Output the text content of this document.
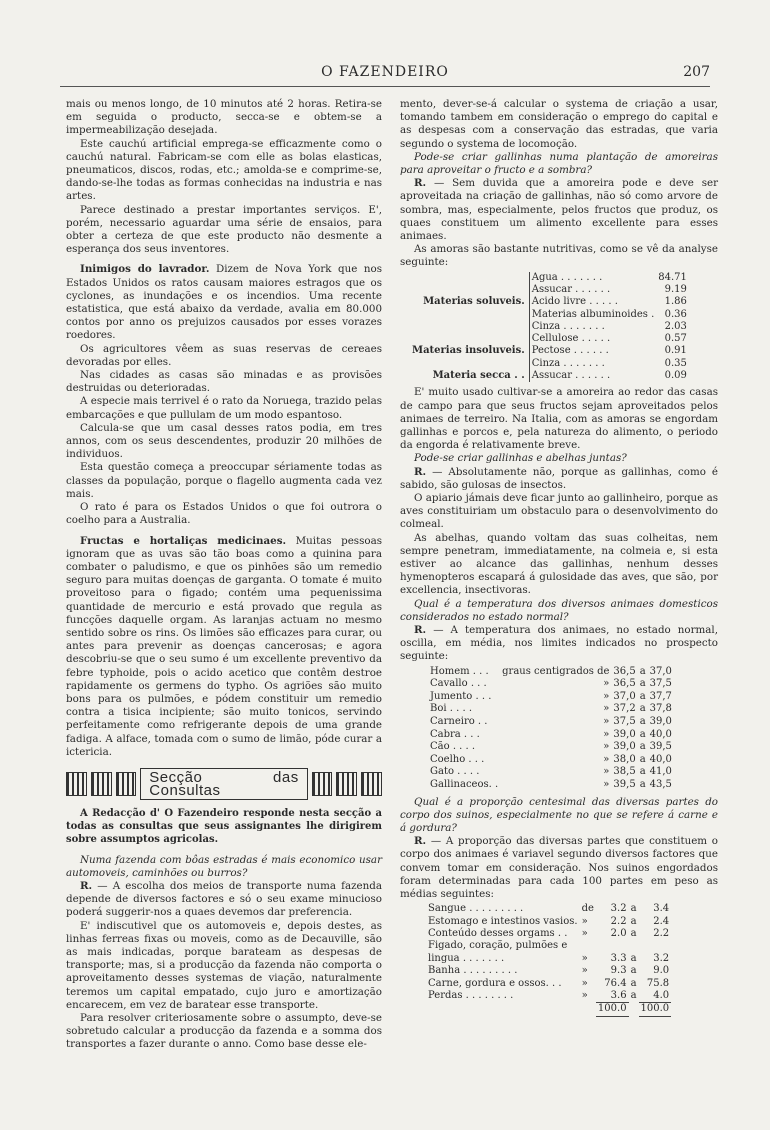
O FAZENDEIRO	207

mais ou menos longo, de 10 minutos até 2 horas. Retira-se em seguida o producto, secca-se e obtem-se a impermeabilização desejada.

Este cauchú artificial emprega-se efficazmente como o cauchú natural. Fabricam-se com elle as bolas elasticas, pneumaticos, discos, rodas, etc.; amolda-se e comprime-se, dando-se-lhe todas as formas conhecidas na industria e nas artes.

Parece destinado a prestar importantes serviços. E', porém, necessario aguardar uma série de ensaios, para obter a certeza de que este producto não desmente a esperança dos seus inventores.

Inimigos do lavrador. Dizem de Nova York que nos Estados Unidos os ratos causam maiores estragos que os cyclones, as inundações e os incendios. Uma recente estatistica, que está abaixo da verdade, avalia em 80.000 contos por anno os prejuizos causados por esses vorazes roedores.

Os agricultores vêem as suas reservas de cereaes devoradas por elles.

Nas cidades as casas são minadas e as provisões destruidas ou deterioradas.

A especie mais terrivel é o rato da Noruega, trazido pelas embarcações e que pullulam de um modo espantoso.

Calcula-se que um casal desses ratos podia, em tres annos, com os seus descendentes, produzir 20 milhões de individuos.

Esta questão começa a preoccupar sériamente todas as classes da população, porque o flagello augmenta cada vez mais.

O rato é para os Estados Unidos o que foi outrora o coelho para a Australia.

Fructas e hortaliças medicinaes. Muitas pessoas ignoram que as uvas são tão boas como a quinina para combater o paludismo, e que os pinhões são um remedio seguro para muitas doenças de garganta. O tomate é muito proveitoso para o figado; contém uma pequenissima quantidade de mercurio e está provado que regula as funcções daquelle orgam. As laranjas actuam no mesmo sentido sobre os rins. Os limões são efficazes para curar, ou antes para prevenir as doenças cancerosas; e agora descobriu-se que o seu sumo é um excellente preventivo da febre typhoide, pois o acido acetico que contêm destroe rapidamente os germens do typho. Os agriões são muito bons para os pulmões, e pódem constituir um remedio contra a tisica incipiente; são muito tonicos, servindo perfeitamente como refrigerante depois de uma grande fadiga. A alface, tomada com o sumo de limão, póde curar a ictericia.

Secção das Consultas

A Redacção d' O Fazendeiro responde nesta secção a todas as consultas que seus assignantes lhe dirigirem sobre assumptos agricolas.

Numa fazenda com bôas estradas é mais economico usar automoveis, caminhões ou burros?

R. — A escolha dos meios de transporte numa fazenda depende de diversos factores e só o seu exame minucioso poderá suggerir-nos a quaes devemos dar preferencia.

E' indiscutivel que os automoveis e, depois destes, as linhas ferreas fixas ou moveis, como as de Decauville, são as mais indicadas, porque barateam as despesas de transporte; mas, si a producção da fazenda não comporta o aproveitamento desses systemas de viação, naturalmente teremos um capital empatado, cujo juro e amortização encarecem, em vez de baratear esse transporte.

Para resolver criteriosamente sobre o assumpto, deve-se sobretudo calcular a producção da fazenda e a somma dos transportes a fazer durante o anno. Como base desse ele-

mento, dever-se-á calcular o systema de criação a usar, tomando tambem em consideração o emprego do capital e as despesas com a conservação das estradas, que varia segundo o systema de locomoção.

Pode-se criar gallinhas numa plantação de amoreiras para aproveitar o fructo e a sombra?

R. — Sem duvida que a amoreira pode e deve ser aproveitada na criação de gallinhas, não só como arvore de sombra, mas, especialmente, pelos fructos que produz, os quaes constituem um alimento excellente para esses animaes.

As amoras são bastante nutritivas, como se vê da analyse seguinte:

	Agua . . . . . . .	84.71
	Assucar . . . . . .	9.19
Materias soluveis.	Acido livre . . . . .	1.86
	Materias albuminoides .	0.36
	Cinza . . . . . . .	2.03
	Cellulose . . . . .	0.57
Materias insoluveis.	Pectose . . . . . .	0.91
	Cinza . . . . . . .	0.35
Materia secca . .	Assucar . . . . . .	0.09

E' muito usado cultivar-se a amoreira ao redor das casas de campo para que seus fructos sejam aproveitados pelos animaes de terreiro. Na Italia, com as amoras se engordam gallinhas e porcos e, pela natureza do alimento, o periodo da engorda é relativamente breve.

Pode-se criar gallinhas e abelhas juntas?

R. — Absolutamente não, porque as gallinhas, como é sabido, são gulosas de insectos.

O apiario jámais deve ficar junto ao gallinheiro, porque as aves constituiriam um obstaculo para o desenvolvimento do colmeal.

As abelhas, quando voltam das suas colheitas, nem sempre penetram, immediatamente, na colmeia e, si esta estiver ao alcance das gallinhas, nenhum desses hymenopteros escapará á gulosidade das aves, que são, por excellencia, insectivoras.

Qual é a temperatura dos diversos animaes domesticos considerados no estado normal?

R. — A temperatura dos animaes, no estado normal, oscilla, em média, nos limites indicados no prospecto seguinte:

Homem . . .	graus centigrados de	36,5	a	37,0
Cavallo . . .	»	36,5	a	37,5
Jumento . . .	»	37,0	a	37,7
Boi . . . .	»	37,2	a	37,8
Carneiro . .	»	37,5	a	39,0
Cabra . . .	»	39,0	a	40,0
Cão . . . .	»	39,0	a	39,5
Coelho . . .	»	38,0	a	40,0
Gato . . . .	»	38,5	a	41,0
Gallinaceos. .	»	39,5	a	43,5

Qual é a proporção centesimal das diversas partes do corpo dos suinos, especialmente no que se refere á carne e á gordura?

R. — A proporção das diversas partes que constituem o corpo dos animaes é variavel segundo diversos factores que convem tomar em consideração. Nos suinos engordados foram determinadas para cada 100 partes em peso as médias seguintes:

Sangue . . . . . . . . .	de	3.2	a	3.4
Estomago e intestinos vasios.	»	2.2	a	2.4
Conteúdo desses orgams . .	»	2.0	a	2.2
Figado, coração, pulmões e				
lingua . . . . . . .	»	3.3	a	3.2
Banha . . . . . . . . .	»	9.3	a	9.0
Carne, gordura e ossos. . .	»	76.4	a	75.8
Perdas . . . . . . . .	»	3.6	a	4.0
		100.0		100.0
